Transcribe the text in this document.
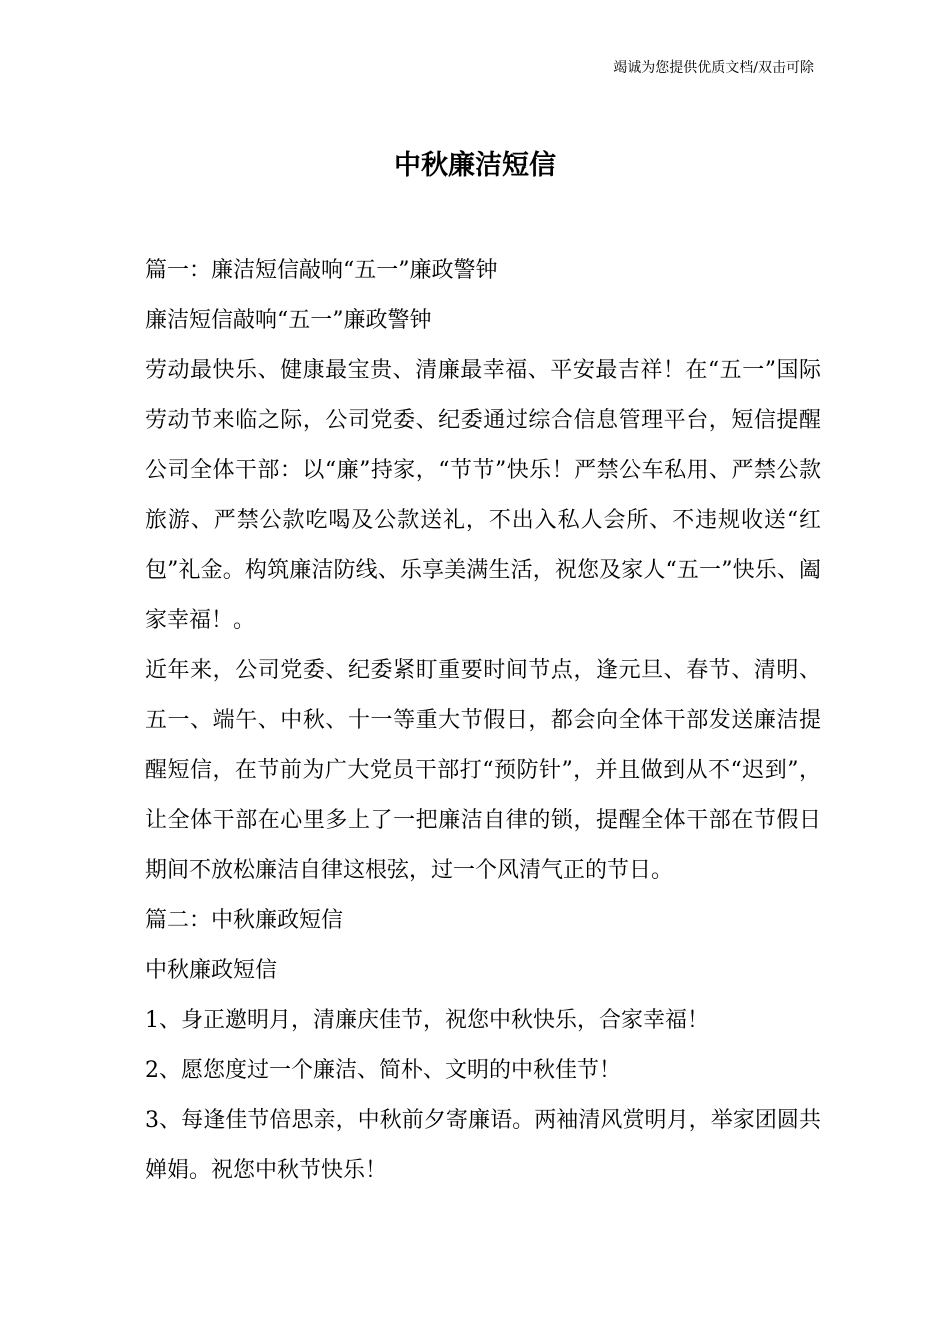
竭诚为您提供优质文档/双击可除
中秋廉洁短信

篇一：廉洁短信敲响“五一”廉政警钟

廉洁短信敲响“五一”廉政警钟

劳动最快乐、健康最宝贵、清廉最幸福、平安最吉祥！在“五一”国际劳动节来临之际，公司党委、纪委通过综合信息管理平台，短信提醒公司全体干部：以“廉”持家，“节节”快乐！严禁公车私用、严禁公款旅游、严禁公款吃喝及公款送礼，不出入私人会所、不违规收送“红包”礼金。构筑廉洁防线、乐享美满生活，祝您及家人“五一”快乐、阖家幸福！。

近年来，公司党委、纪委紧盯重要时间节点，逢元旦、春节、清明、五一、端午、中秋、十一等重大节假日，都会向全体干部发送廉洁提醒短信，在节前为广大党员干部打“预防针”，并且做到从不“迟到”，让全体干部在心里多上了一把廉洁自律的锁，提醒全体干部在节假日期间不放松廉洁自律这根弦，过一个风清气正的节日。

篇二：中秋廉政短信

中秋廉政短信

1、身正邀明月，清廉庆佳节，祝您中秋快乐，合家幸福！

2、愿您度过一个廉洁、简朴、文明的中秋佳节！

3、每逢佳节倍思亲，中秋前夕寄廉语。两袖清风赏明月，举家团圆共婵娟。祝您中秋节快乐！
